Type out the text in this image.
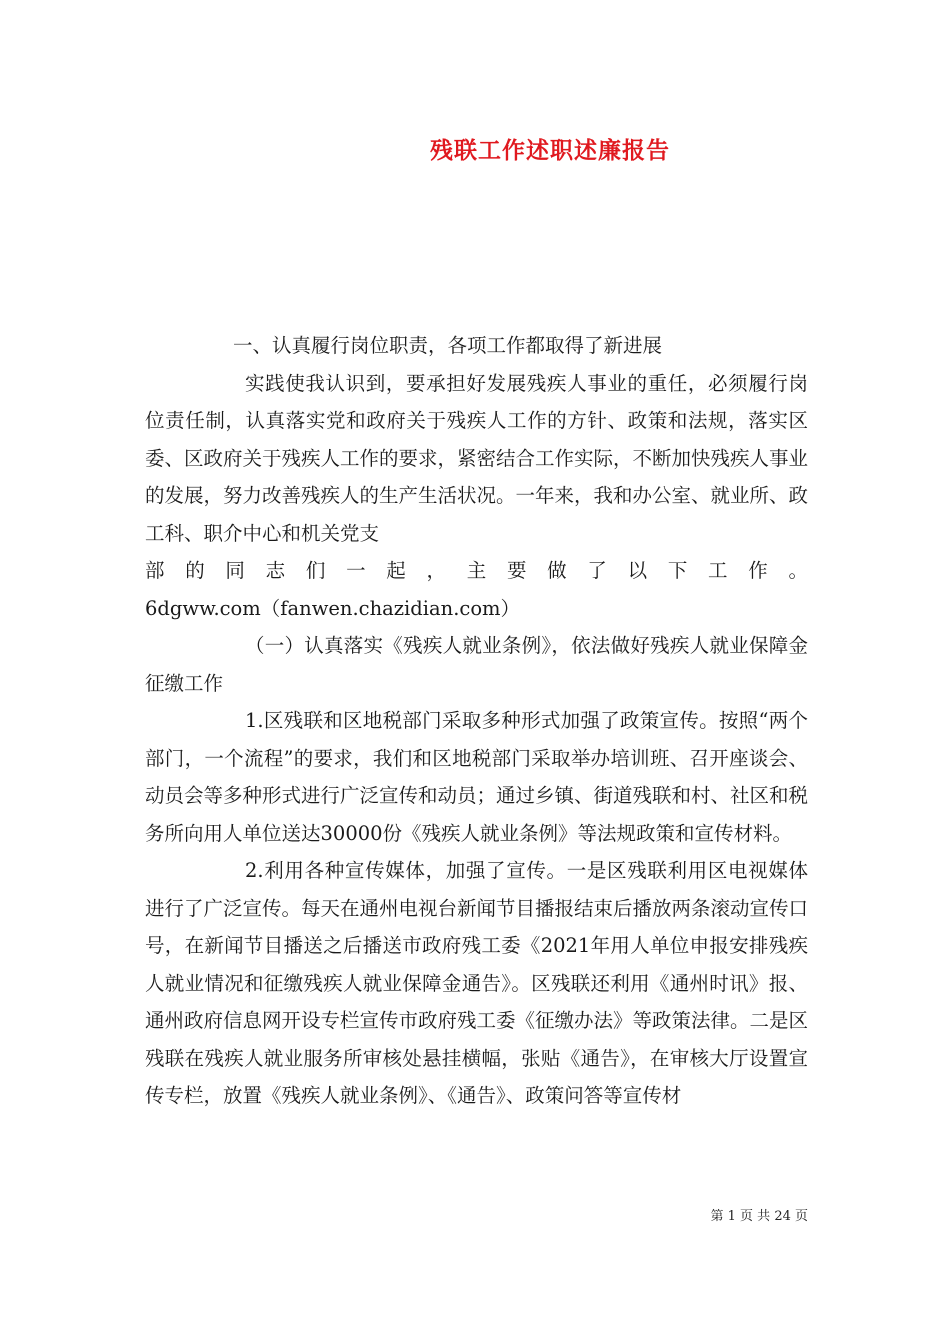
残联工作述职述廉报告

一、认真履行岗位职责，各项工作都取得了新进展

实践使我认识到，要承担好发展残疾人事业的重任，必须履行岗位责任制，认真落实党和政府关于残疾人工作的方针、政策和法规，落实区委、区政府关于残疾人工作的要求，紧密结合工作实际，不断加快残疾人事业的发展，努力改善残疾人的生产生活状况。一年来，我和办公室、就业所、政工科、职介中心和机关党支

部的同志们一起，主要做了以下工作。

6dgww.com（fanwen.chazidian.com）

（一）认真落实《残疾人就业条例》，依法做好残疾人就业保障金征缴工作

1.区残联和区地税部门采取多种形式加强了政策宣传。按照“两个部门，一个流程”的要求，我们和区地税部门采取举办培训班、召开座谈会、动员会等多种形式进行广泛宣传和动员；通过乡镇、街道残联和村、社区和税务所向用人单位送达30000份《残疾人就业条例》等法规政策和宣传材料。

2.利用各种宣传媒体，加强了宣传。一是区残联利用区电视媒体进行了广泛宣传。每天在通州电视台新闻节目播报结束后播放两条滚动宣传口号，在新闻节目播送之后播送市政府残工委《2021年用人单位申报安排残疾人就业情况和征缴残疾人就业保障金通告》。区残联还利用《通州时讯》报、通州政府信息网开设专栏宣传市政府残工委《征缴办法》等政策法律。二是区残联在残疾人就业服务所审核处悬挂横幅，张贴《通告》，在审核大厅设置宣传专栏，放置《残疾人就业条例》、《通告》、政策问答等宣传材

第 1 页 共 24 页
